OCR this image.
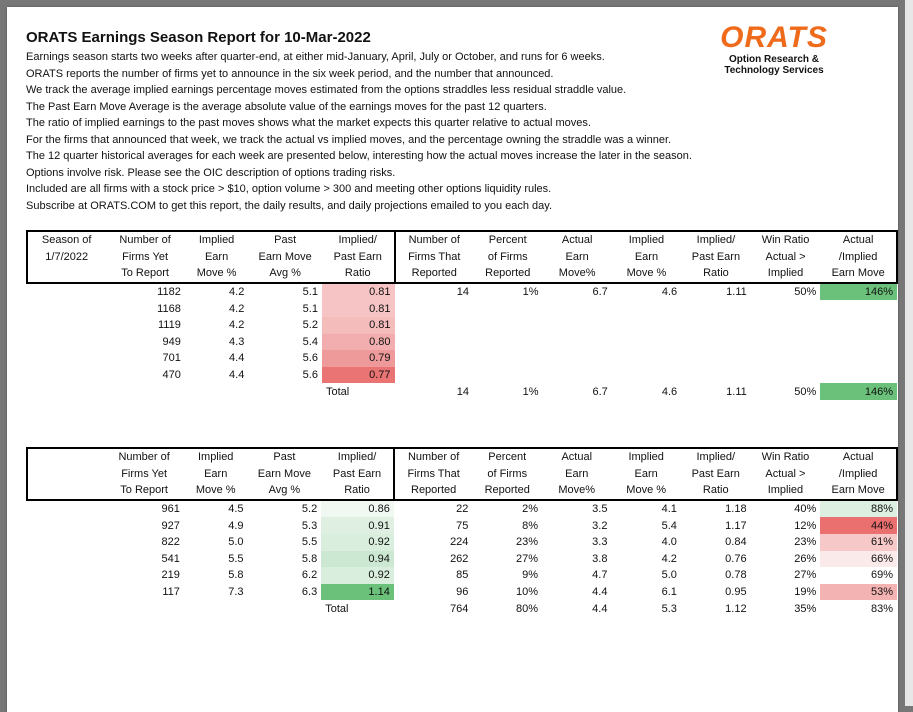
ORATS Earnings Season Report for 10-Mar-2022
Earnings season starts two weeks after quarter-end, at either mid-January, April, July or October, and runs for 6 weeks.
ORATS reports the number of firms yet to announce in the six week period, and the number that announced.
We track the average implied earnings percentage moves estimated from the options straddles less residual straddle value.
The Past Earn Move Average is the average absolute value of the earnings moves for the past 12 quarters.
The ratio of implied earnings to the past moves shows what the market expects this quarter relative to actual moves.
For the firms that announced that week, we track the actual vs implied moves, and the percentage owning the straddle was a winner.
The 12 quarter historical averages for each week are presented below, interesting how the actual moves increase the later in the season.
Options involve risk. Please see the OIC description of options trading risks.
Included are all firms with a stock price > $10, option volume > 300 and meeting other options liquidity rules.
Subscribe at ORATS.COM to get this report, the daily results, and daily projections emailed to you each day.
ORATS
Option Research &
Technology Services
Season of	Number of	Implied	Past	Implied/	Number of	Percent	Actual	Implied	Implied/	Win Ratio	Actual
1/7/2022	Firms Yet	Earn	Earn Move	Past Earn	Firms That	of Firms	Earn	Earn	Past Earn	Actual >	/Implied
	To Report	Move %	Avg %	Ratio	Reported	Reported	Move%	Move %	Ratio	Implied	Earn Move
	1182	4.2	5.1	0.81	14	1%	6.7	4.6	1.11	50%	146%
	1168	4.2	5.1	0.81							
	1119	4.2	5.2	0.81							
	949	4.3	5.4	0.80							
	701	4.4	5.6	0.79							
	470	4.4	5.6	0.77							
				Total	14	1%	6.7	4.6	1.11	50%	146%
	Number of	Implied	Past	Implied/	Number of	Percent	Actual	Implied	Implied/	Win Ratio	Actual
	Firms Yet	Earn	Earn Move	Past Earn	Firms That	of Firms	Earn	Earn	Past Earn	Actual >	/Implied
	To Report	Move %	Avg %	Ratio	Reported	Reported	Move%	Move %	Ratio	Implied	Earn Move
	961	4.5	5.2	0.86	22	2%	3.5	4.1	1.18	40%	88%
	927	4.9	5.3	0.91	75	8%	3.2	5.4	1.17	12%	44%
	822	5.0	5.5	0.92	224	23%	3.3	4.0	0.84	23%	61%
	541	5.5	5.8	0.94	262	27%	3.8	4.2	0.76	26%	66%
	219	5.8	6.2	0.92	85	9%	4.7	5.0	0.78	27%	69%
	117	7.3	6.3	1.14	96	10%	4.4	6.1	0.95	19%	53%
				Total	764	80%	4.4	5.3	1.12	35%	83%
